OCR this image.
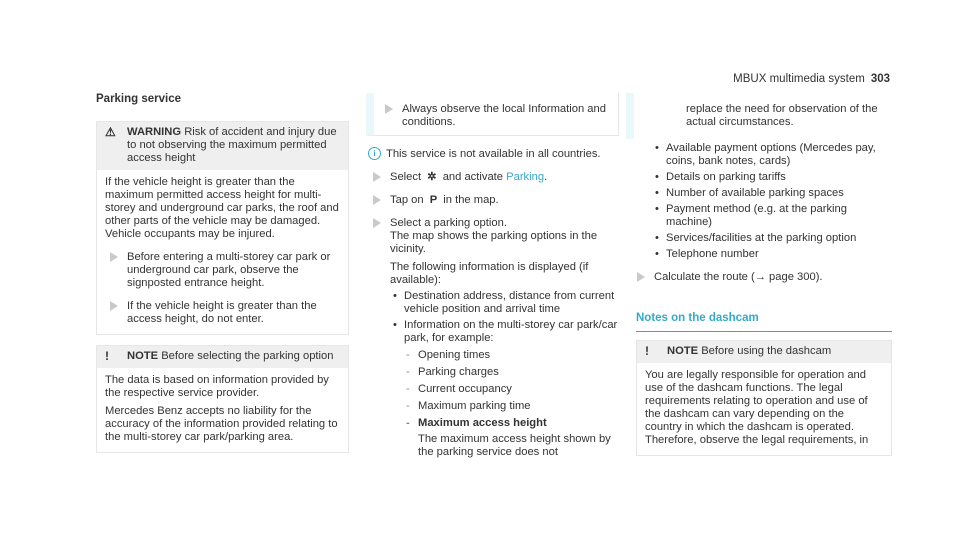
MBUX multimedia system 303
Parking service
⚠	WARNING Risk of accident and injury due to not observing the maximum permitted access height
If the vehicle height is greater than the maximum permitted access height for multi-storey and underground car parks, the roof and other parts of the vehicle may be damaged. Vehicle occupants may be injured.
Before entering a multi-storey car park or underground car park, observe the signposted entrance height.
If the vehicle height is greater than the access height, do not enter.
!	NOTE Before selecting the parking option
The data is based on information provided by the respective service provider.
Mercedes Benz accepts no liability for the accuracy of the information provided relating to the multi-storey car park/parking area.
Always observe the local Information and conditions.
i This service is not available in all countries.
Select ✲ and activate Parking.
Tap on P in the map.
Select a parking option.
The map shows the parking options in the vicinity.
The following information is displayed (if available):
• Destination address, distance from current vehicle position and arrival time
• Information on the multi-storey car park/car park, for example:
- Opening times
- Parking charges
- Current occupancy
- Maximum parking time
- Maximum access height
The maximum access height shown by the parking service does not
replace the need for observation of the actual circumstances.
• Available payment options (Mercedes pay, coins, bank notes, cards)
• Details on parking tariffs
• Number of available parking spaces
• Payment method (e.g. at the parking machine)
• Services/facilities at the parking option
• Telephone number
Calculate the route (→ page 300).
Notes on the dashcam
!	NOTE Before using the dashcam
You are legally responsible for operation and use of the dashcam functions. The legal requirements relating to operation and use of the dashcam can vary depending on the country in which the dashcam is operated. Therefore, observe the legal requirements, in
